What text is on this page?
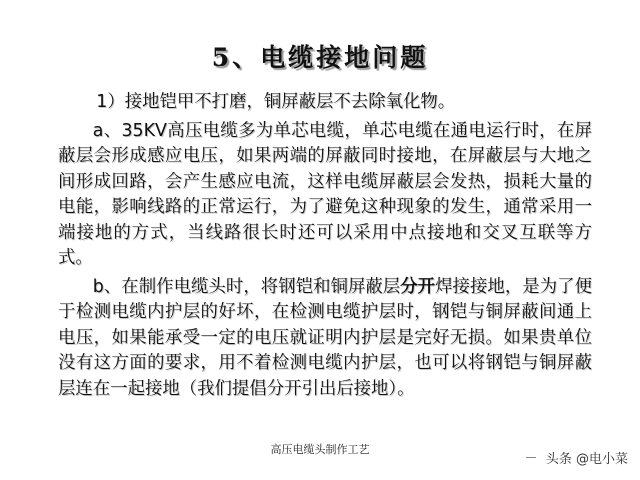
5、电缆接地问题

1）接地铠甲不打磨，铜屏蔽层不去除氧化物。

a、35KV高压电缆多为单芯电缆，单芯电缆在通电运行时，在屏蔽层会形成感应电压，如果两端的屏蔽同时接地，在屏蔽层与大地之间形成回路，会产生感应电流，这样电缆屏蔽层会发热，损耗大量的电能，影响线路的正常运行，为了避免这种现象的发生，通常采用一端接地的方式，当线路很长时还可以采用中点接地和交叉互联等方式。

b、在制作电缆头时，将钢铠和铜屏蔽层分开焊接接地，是为了便于检测电缆内护层的好坏，在检测电缆护层时，钢铠与铜屏蔽间通上电压，如果能承受一定的电压就证明内护层是完好无损。如果贵单位没有这方面的要求，用不着检测电缆内护层，也可以将钢铠与铜屏蔽层连在一起接地（我们提倡分开引出后接地）。

高压电缆头制作工艺
头条 @电小菜
